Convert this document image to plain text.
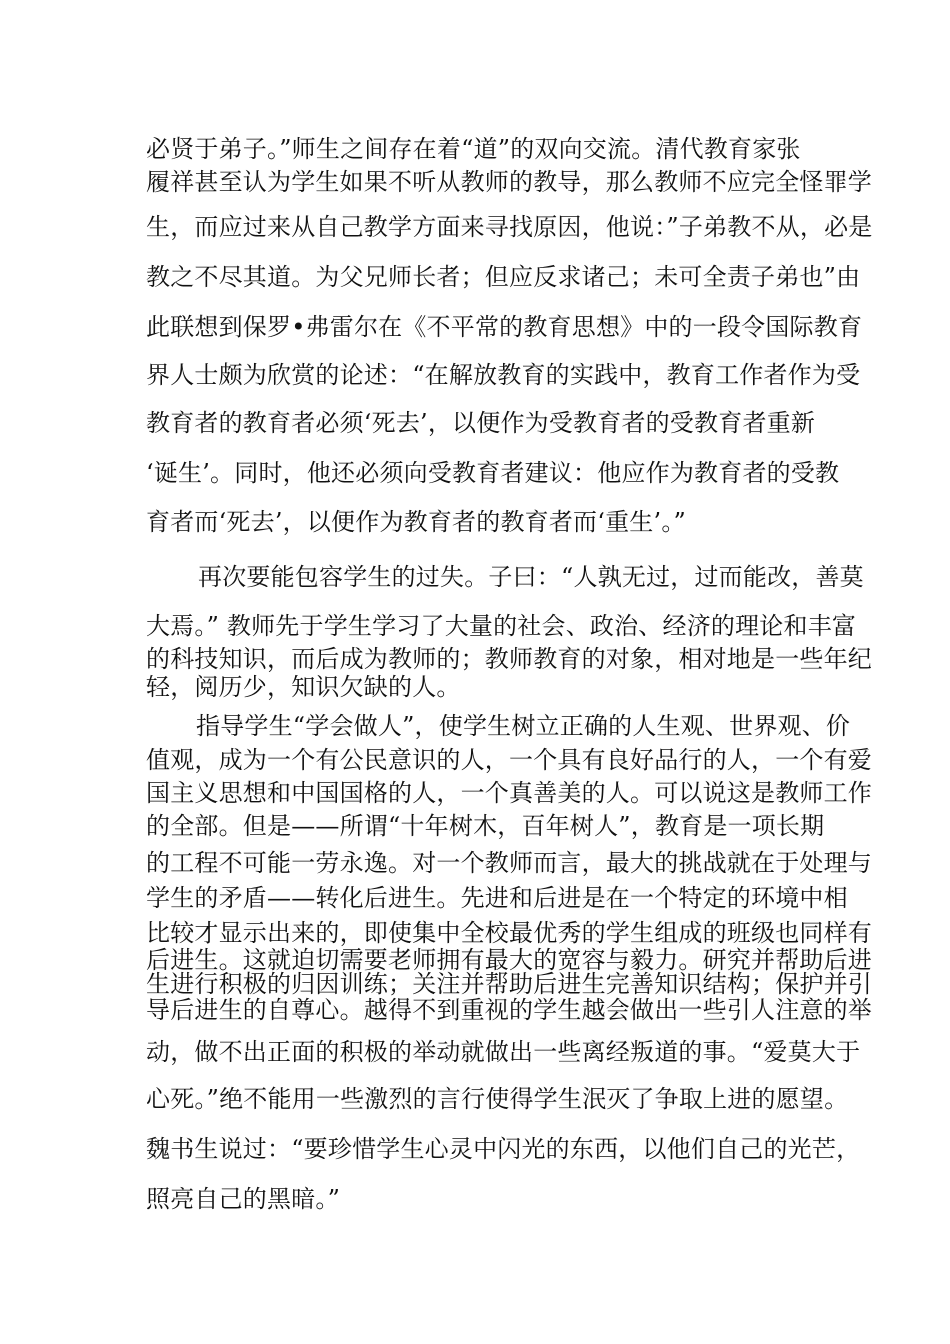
必贤于弟子。”师生之间存在着“道”的双向交流。清代教育家张
履祥甚至认为学生如果不听从教师的教导，那么教师不应完全怪罪学
生，而应过来从自己教学方面来寻找原因，他说：”子弟教不从，必是
教之不尽其道。为父兄师长者；但应反求诸己；未可全责子弟也”由
此联想到保罗•弗雷尔在《不平常的教育思想》中的一段令国际教育
界人士颇为欣赏的论述：“在解放教育的实践中，教育工作者作为受
教育者的教育者必须‘死去’，以便作为受教育者的受教育者重新
‘诞生’。同时，他还必须向受教育者建议：他应作为教育者的受教
育者而‘死去’，以便作为教育者的教育者而‘重生’。”
再次要能包容学生的过失。子曰：“人孰无过，过而能改，善莫
大焉。” 教师先于学生学习了大量的社会、政治、经济的理论和丰富
的科技知识，而后成为教师的；教师教育的对象，相对地是一些年纪
轻，阅历少，知识欠缺的人。
指导学生“学会做人”，使学生树立正确的人生观、世界观、价
值观，成为一个有公民意识的人，一个具有良好品行的人，一个有爱
国主义思想和中国国格的人，一个真善美的人。可以说这是教师工作
的全部。但是——所谓“十年树木，百年树人”，教育是一项长期
的工程不可能一劳永逸。对一个教师而言，最大的挑战就在于处理与
学生的矛盾——转化后进生。先进和后进是在一个特定的环境中相
比较才显示出来的，即使集中全校最优秀的学生组成的班级也同样有
后进生。这就迫切需要老师拥有最大的宽容与毅力。研究并帮助后进
生进行积极的归因训练；关注并帮助后进生完善知识结构；保护并引
导后进生的自尊心。越得不到重视的学生越会做出一些引人注意的举
动，做不出正面的积极的举动就做出一些离经叛道的事。“爱莫大于
心死。”绝不能用一些激烈的言行使得学生泯灭了争取上进的愿望。
魏书生说过：“要珍惜学生心灵中闪光的东西，以他们自己的光芒，
照亮自己的黑暗。”
